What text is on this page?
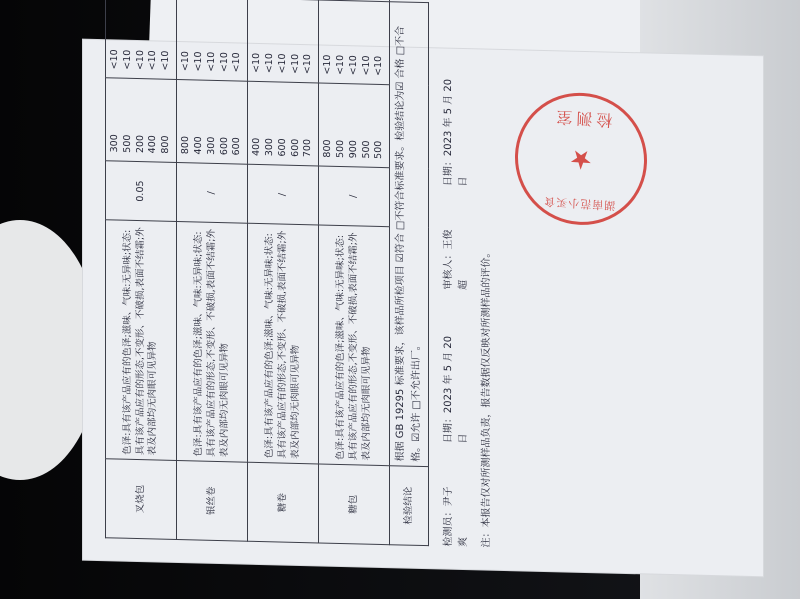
叉烧包	色泽:具有该产品应有的色泽;滋味、气味:无异味;状态:具有该产品应有的形态,不变形、不破损,表面不结霜;外表及内部均无肉眼可见异物	0.05	300 500 200 400 800	<10 <10 <10 <10 <10

银丝卷	色泽:具有该产品应有的色泽;滋味、气味:无异味;状态:具有该产品应有的形态,不变形、不破损,表面不结霜;外表及内部均无肉眼可见异物	/	800 400 300 600 600	<10 <10 <10 <10 <10

糖卷	色泽:具有该产品应有的色泽;滋味、气味:无异味;状态:具有该产品应有的形态,不变形、不破损,表面不结霜;外表及内部均无肉眼可见异物	/	400 300 600 600 700	<10 <10 <10 <10 <10

糖包	色泽:具有该产品应有的色泽;滋味、气味:无异味;状态:具有该产品应有的形态,不变形、不破损,表面不结霜;外表及内部均无肉眼可见异物	/	800 500 900 500 500	<10 <10 <10 <10 <10

检验结论	根据 GB 19295 标准要求，该样品所检项目 ☑符合 □不符合标准要求。检验结论为☑ 合格 □不合格。☑允许 □不允许出厂。				
检测员：尹子爽
日期：2023 年 5 月 20 日
审核人：王俊超
日期：2023 年 5 月 20 日
注：本报告仅对所测样品负责，报告数据仅反映对所测样品的评价。
湖南范小买食
★
检测室
